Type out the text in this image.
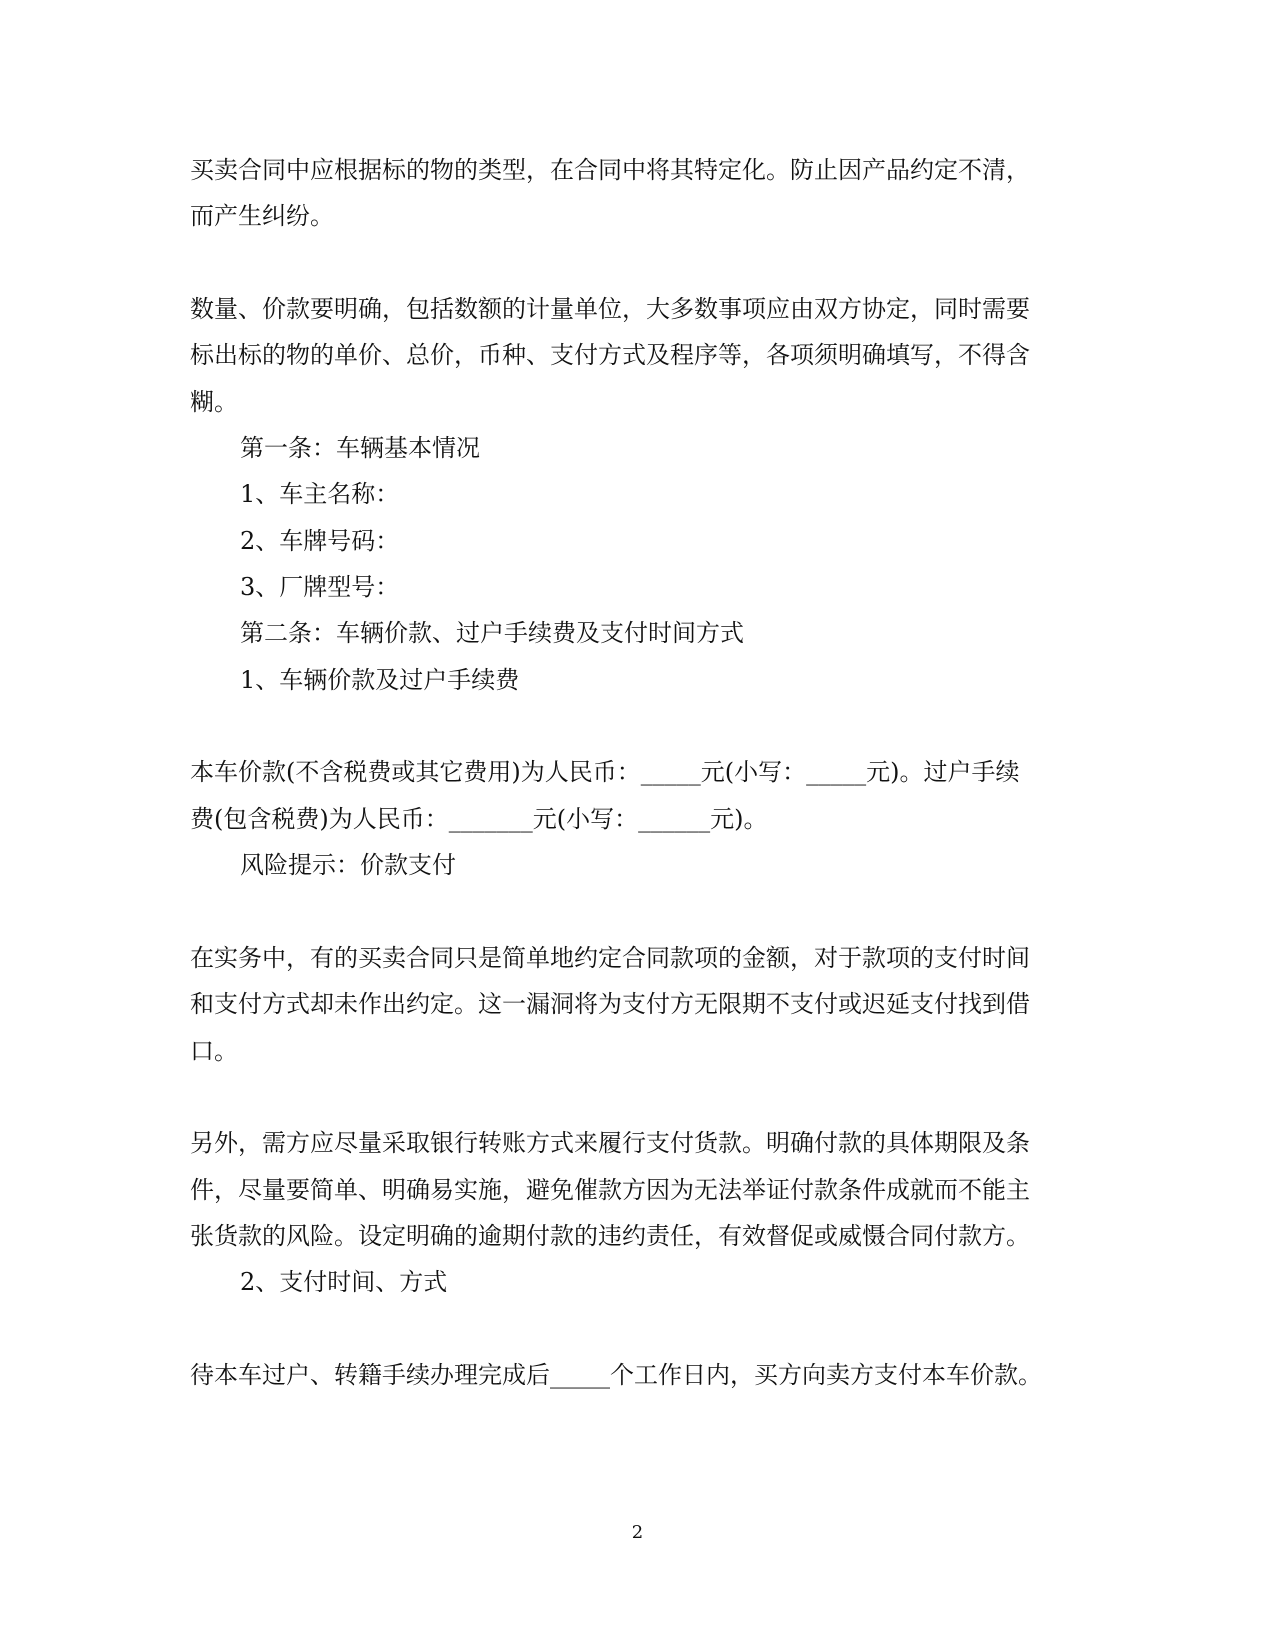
买卖合同中应根据标的物的类型，在合同中将其特定化。防止因产品约定不清，
而产生纠纷。
数量、价款要明确，包括数额的计量单位，大多数事项应由双方协定，同时需要
标出标的物的单价、总价，币种、支付方式及程序等，各项须明确填写，不得含
糊。
第一条：车辆基本情况
1、车主名称：
2、车牌号码：
3、厂牌型号：
第二条：车辆价款、过户手续费及支付时间方式
1、车辆价款及过户手续费
本车价款(不含税费或其它费用)为人民币：_____元(小写：_____元)。过户手续
费(包含税费)为人民币：_______元(小写：______元)。
风险提示：价款支付
在实务中，有的买卖合同只是简单地约定合同款项的金额，对于款项的支付时间
和支付方式却未作出约定。这一漏洞将为支付方无限期不支付或迟延支付找到借
口。
另外，需方应尽量采取银行转账方式来履行支付货款。明确付款的具体期限及条
件，尽量要简单、明确易实施，避免催款方因为无法举证付款条件成就而不能主
张货款的风险。设定明确的逾期付款的违约责任，有效督促或威慑合同付款方。
2、支付时间、方式
待本车过户、转籍手续办理完成后_____个工作日内，买方向卖方支付本车价款。
2
